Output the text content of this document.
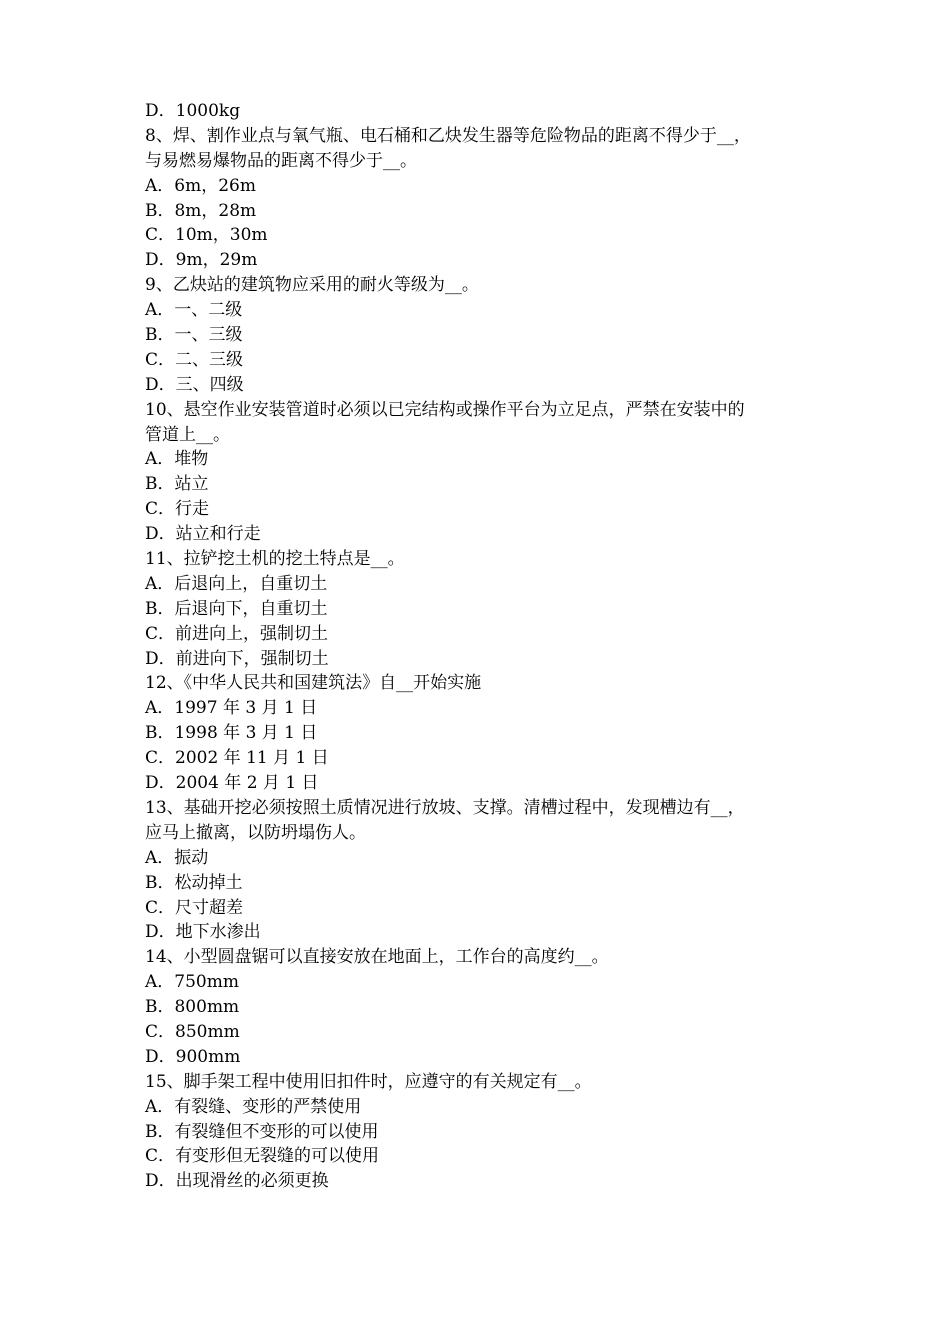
D．1000kg

8、焊、割作业点与氧气瓶、电石桶和乙炔发生器等危险物品的距离不得少于__，

与易燃易爆物品的距离不得少于__。

A．6m，26m

B．8m，28m

C．10m，30m

D．9m，29m

9、乙炔站的建筑物应采用的耐火等级为__。

A．一、二级

B．一、三级

C．二、三级

D．三、四级

10、悬空作业安装管道时必须以已完结构或操作平台为立足点，严禁在安装中的

管道上__。

A．堆物

B．站立

C．行走

D．站立和行走

11、拉铲挖土机的挖土特点是__。

A．后退向上，自重切土

B．后退向下，自重切土

C．前进向上，强制切土

D．前进向下，强制切土

12、《中华人民共和国建筑法》自__开始实施

A．1997 年 3 月 1 日

B．1998 年 3 月 1 日

C．2002 年 11 月 1 日

D．2004 年 2 月 1 日

13、基础开挖必须按照土质情况进行放坡、支撑。清槽过程中，发现槽边有__，

应马上撤离，以防坍塌伤人。

A．振动

B．松动掉土

C．尺寸超差

D．地下水渗出

14、小型圆盘锯可以直接安放在地面上，工作台的高度约__。

A．750mm

B．800mm

C．850mm

D．900mm

15、脚手架工程中使用旧扣件时，应遵守的有关规定有__。

A．有裂缝、变形的严禁使用

B．有裂缝但不变形的可以使用

C．有变形但无裂缝的可以使用

D．出现滑丝的必须更换
